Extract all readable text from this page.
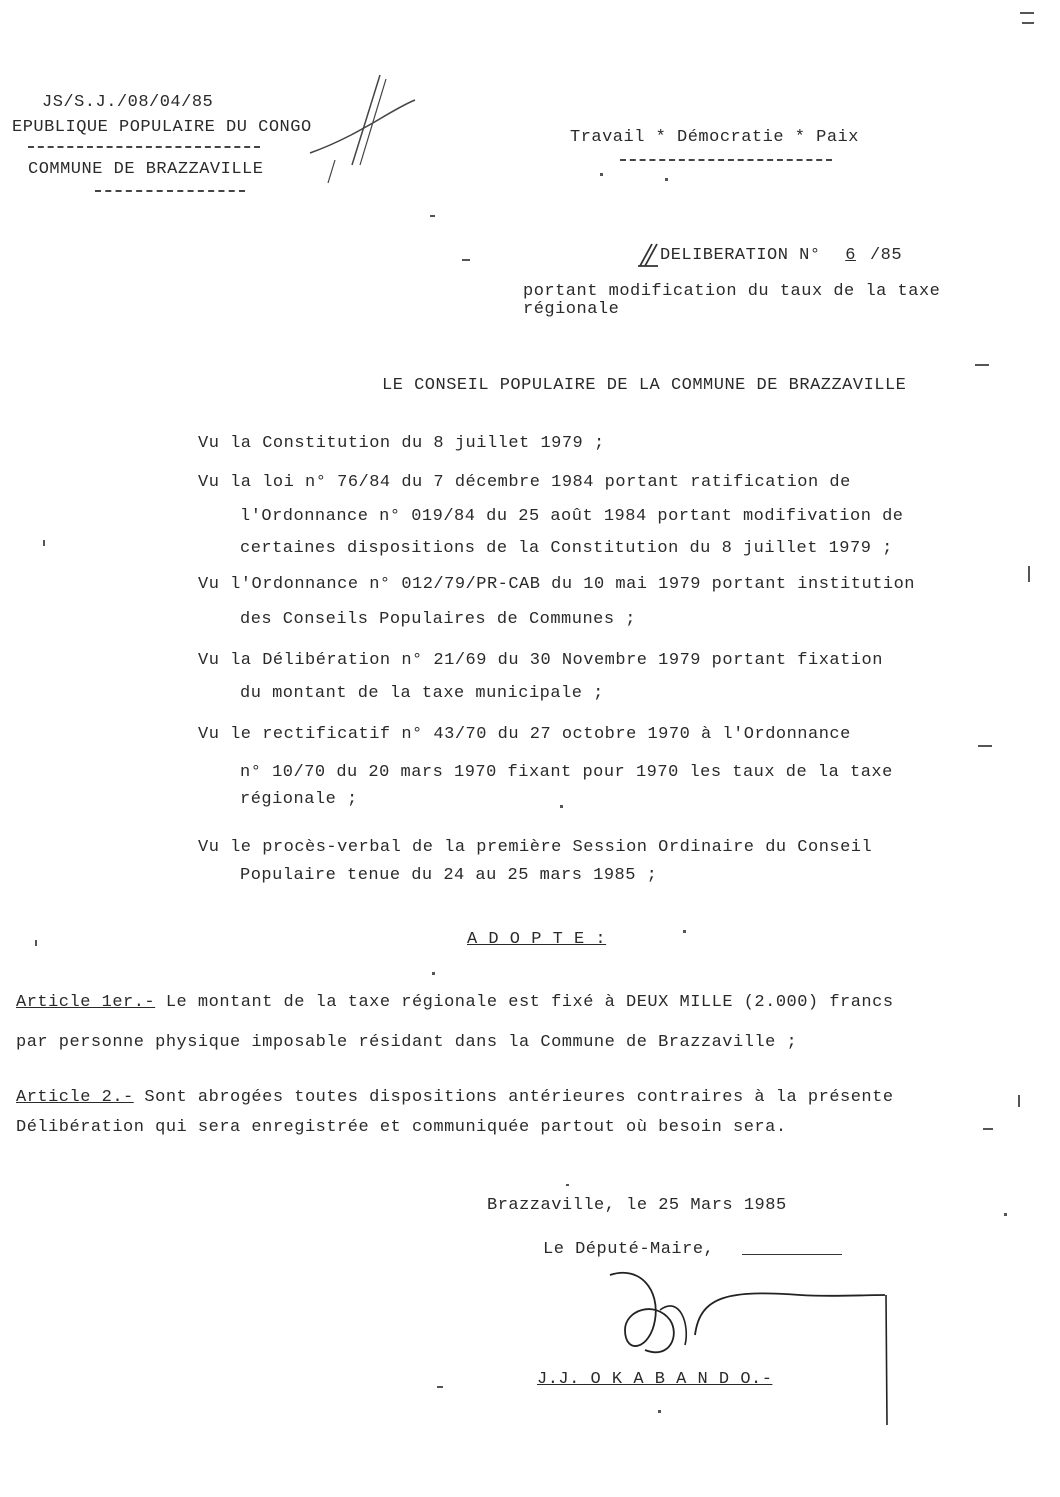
JS/S.J./08/04/85
EPUBLIQUE POPULAIRE DU CONGO
COMMUNE DE BRAZZAVILLE
Travail * Démocratie * Paix
DELIBERATION N° 6 /85
portant modification du taux de la taxe
régionale
LE CONSEIL POPULAIRE DE LA COMMUNE DE BRAZZAVILLE
Vu la Constitution du 8 juillet 1979 ;
Vu la loi n° 76/84 du 7 décembre 1984 portant ratification de
l'Ordonnance n° 019/84 du 25 août 1984 portant modifivation de
certaines dispositions de la Constitution du 8 juillet 1979 ;
Vu l'Ordonnance n° 012/79/PR-CAB du 10 mai 1979 portant institution
des Conseils Populaires de Communes ;
Vu la Délibération n° 21/69 du 30 Novembre 1979 portant fixation
du montant de la taxe municipale ;
Vu le rectificatif n° 43/70 du 27 octobre 1970 à l'Ordonnance
n° 10/70 du 20 mars 1970 fixant pour 1970 les taux de la taxe
régionale ;
Vu le procès-verbal de la première Session Ordinaire du Conseil
Populaire tenue du 24 au 25 mars 1985 ;
A D O P T E :
Article 1er.- Le montant de la taxe régionale est fixé à DEUX MILLE (2.000) francs
par personne physique imposable résidant dans la Commune de Brazzaville ;
Article 2.- Sont abrogées toutes dispositions antérieures contraires à la présente
Délibération qui sera enregistrée et communiquée partout où besoin sera.
Brazzaville, le 25 Mars 1985
Le Député-Maire,
J.J. O K A B A N D O.-
